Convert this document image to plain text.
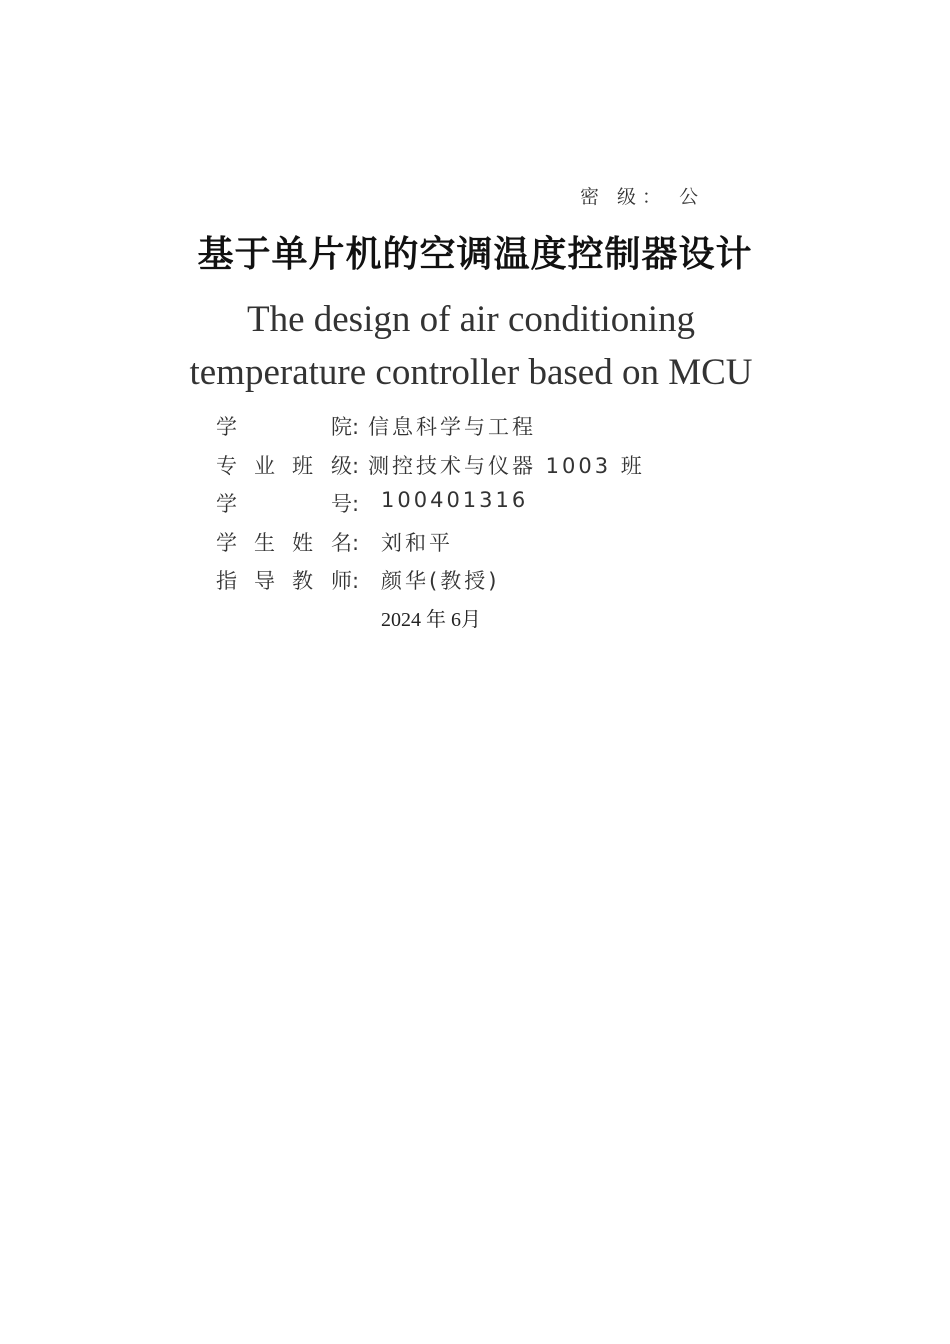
密 级： 公
基于单片机的空调温度控制器设计
The design of air conditioning
temperature controller based on MCU
学	院: 信息科学与工程
专 业 班 级: 测控技术与仪器 1003 班
学	号: 100401316
学 生 姓 名: 刘和平
指 导 教 师: 颜华(教授)
2024 年 6月
